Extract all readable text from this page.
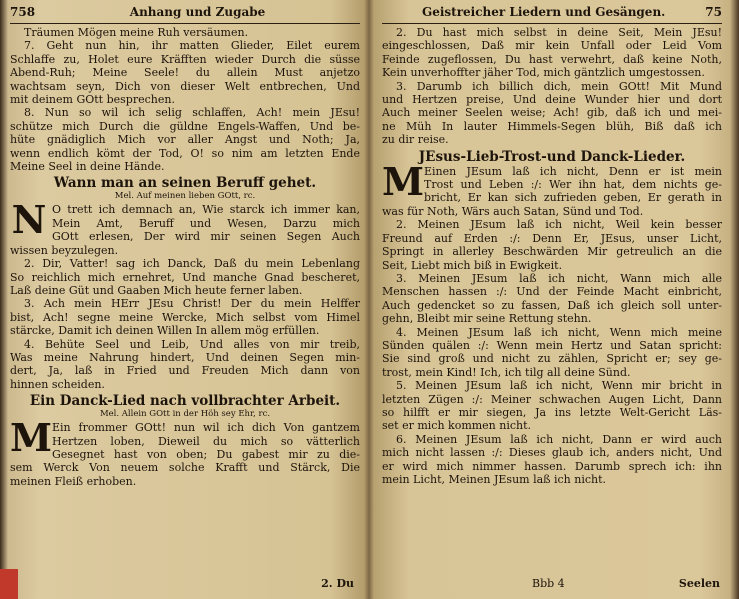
758	Anhang und Zugabe

Träumen Mögen meine Ruh versäumen.

7. Geht nun hin, ihr matten Glieder, Eilet eurem
Schlaffe zu, Holet eure Kräfften wieder Durch die süsse
Abend-Ruh; Meine Seele! du allein Must anjetzo
wachtsam seyn, Dich von dieser Welt entbrechen, Und
mit deinem GOtt besprechen.

8. Nun so wil ich selig schlaffen, Ach! mein JEsu!
schütze mich Durch die güldne Engels-Waffen, Und be-
hüte gnädiglich Mich vor aller Angst und Noth; Ja,
wenn endlich kömt der Tod, O! so nim am letzten Ende
Meine Seel in deine Hände.

Wann man an seinen Beruff gehet.
Mel. Auf meinen lieben GOtt, rc.
N O trett ich demnach an, Wie starck ich immer kan,
Mein Amt, Beruff und Wesen, Darzu mich
GOtt erlesen, Der wird mir seinen Segen Auch
wissen beyzulegen.

2. Dir, Vatter! sag ich Danck, Daß du mein Lebenlang
So reichlich mich ernehret, Und manche Gnad bescheret,
Laß deine Güt und Gaaben Mich heute ferner laben.

3. Ach mein HErr JEsu Christ! Der du mein Helffer
bist, Ach! segne meine Wercke, Mich selbst vom Himel
stärcke, Damit ich deinen Willen In allem mög erfüllen.

4. Behüte Seel und Leib, Und alles von mir treib,
Was meine Nahrung hindert, Und deinen Segen min-
dert, Ja, laß in Fried und Freuden Mich dann von
hinnen scheiden.

Ein Danck-Lied nach vollbrachter Arbeit.
Mel. Allein GOtt in der Höh sey Ehr, rc.
M Ein frommer GOtt! nun wil ich dich Von gantzem
Hertzen loben, Dieweil du mich so vätterlich
Gesegnet hast von oben; Du gabest mir zu die-
sem Werck Von neuem solche Krafft und Stärck, Die
meinen Fleiß erhoben.
2. Du
Geistreicher Liedern und Gesängen.	75

2. Du hast mich selbst in deine Seit, Mein JEsu!
eingeschlossen, Daß mir kein Unfall oder Leid Vom
Feinde zugeflossen, Du hast verwehrt, daß keine Noth,
Kein unverhoffter jäher Tod, mich gäntzlich umgestossen.

3. Darumb ich billich dich, mein GOtt! Mit Mund
und Hertzen preise, Und deine Wunder hier und dort
Auch meiner Seelen weise; Ach! gib, daß ich und mei-
ne Müh In lauter Himmels-Segen blüh, Biß daß ich
zu dir reise.

JEsus-Lieb-Trost-und Danck-Lieder.
M Einen JEsum laß ich nicht, Denn er ist mein
Trost und Leben :/: Wer ihn hat, dem nichts ge-
bricht, Er kan sich zufrieden geben, Er gerath in
was für Noth, Wärs auch Satan, Sünd und Tod.

2. Meinen JEsum laß ich nicht, Weil kein besser
Freund auf Erden :/: Denn Er, JEsus, unser Licht,
Springt in allerley Beschwärden Mir getreulich an die
Seit, Liebt mich biß in Ewigkeit.

3. Meinen JEsum laß ich nicht, Wann mich alle
Menschen hassen :/: Und der Feinde Macht einbricht,
Auch gedencket so zu fassen, Daß ich gleich soll unter-
gehn, Bleibt mir seine Rettung stehn.

4. Meinen JEsum laß ich nicht, Wenn mich meine
Sünden quälen :/: Wenn mein Hertz und Satan spricht:
Sie sind groß und nicht zu zählen, Spricht er; sey ge-
trost, mein Kind! Ich, ich tilg all deine Sünd.

5. Meinen JEsum laß ich nicht, Wenn mir bricht in
letzten Zügen :/: Meiner schwachen Augen Licht, Dann
so hilfft er mir siegen, Ja ins letzte Welt-Gericht Läs-
set er mich kommen nicht.

6. Meinen JEsum laß ich nicht, Dann er wird auch
mich nicht lassen :/: Dieses glaub ich, anders nicht, Und
er wird mich nimmer hassen. Darumb sprech ich: ihn
mein Licht, Meinen JEsum laß ich nicht.

Bbb 4	Seelen
